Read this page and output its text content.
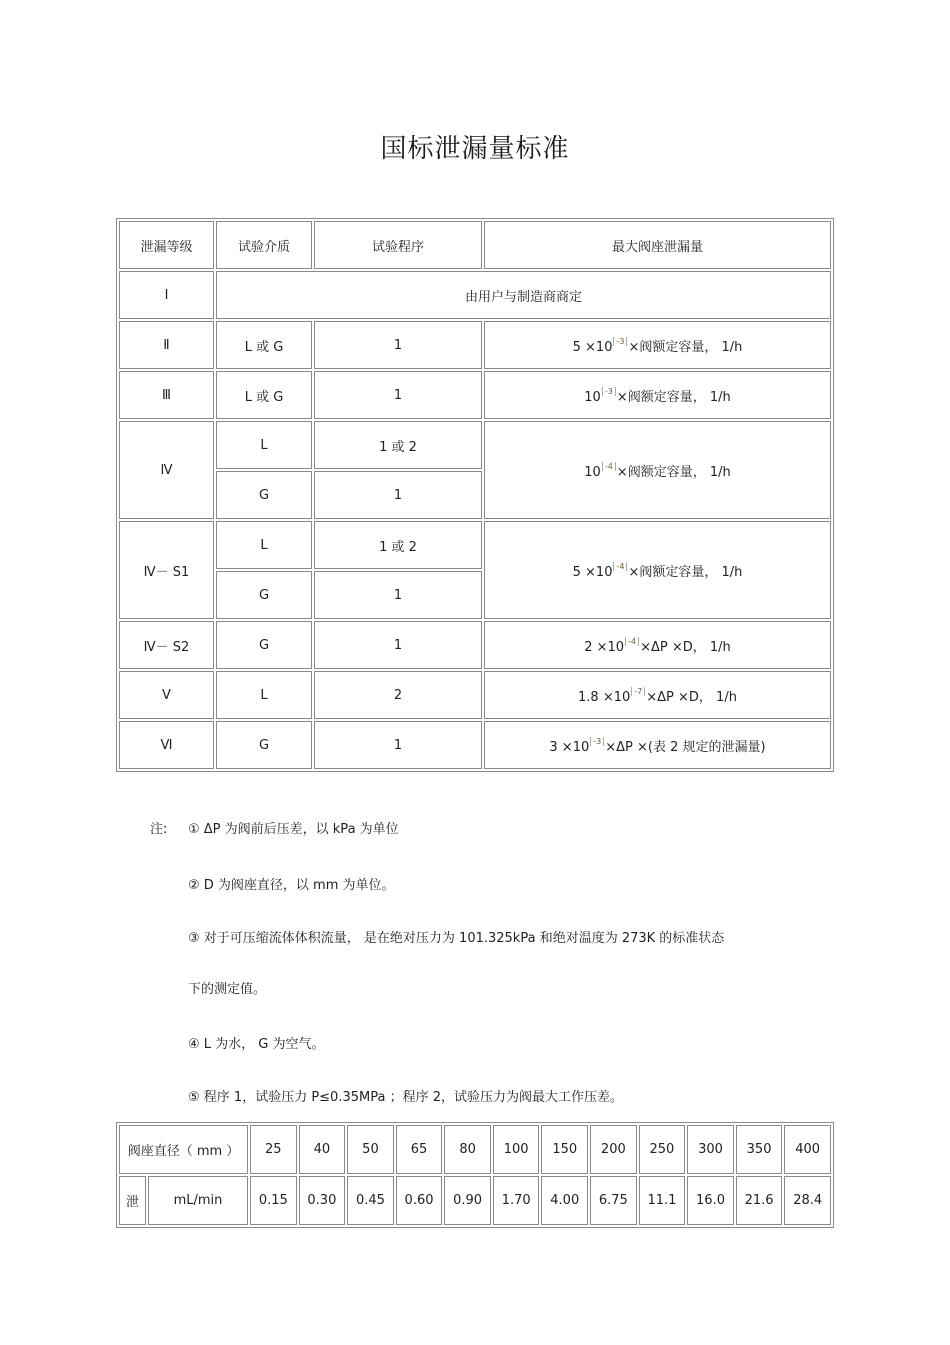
国标泄漏量标准
泄漏等级	试验介质	试验程序	最大阀座泄漏量
Ⅰ	由用户与制造商商定		
Ⅱ	L 或 G	1	5 ×10 $^{-3}$ ×阀额定容量， 1/h
Ⅲ	L 或 G	1	10 $^{-3}$ ×阀额定容量， 1/h
Ⅳ	L	1 或 2	10 $^{-4}$ ×阀额定容量， 1/h
	G	1	
Ⅳ－ S1	L	1 或 2	5 ×10 $^{-4}$ ×阀额定容量， 1/h
	G	1	
Ⅳ－ S2	G	1	2 ×10 $^{-4}$ ×ΔP ×D， 1/h
Ⅴ	L	2	1.8 ×10 $^{-7}$ ×ΔP ×D， 1/h
Ⅵ	G	1	3 ×10 $^{-3}$ ×ΔP ×(表 2 规定的泄漏量)
注: ① ΔP 为阀前后压差，以 kPa 为单位
② D 为阀座直径，以 mm 为单位。
③ 对于可压缩流体体积流量， 是在绝对压力为 101.325kPa 和绝对温度为 273K 的标准状态
下的测定值。
④ L 为水， G 为空气。
⑤ 程序 1，试验压力 P≤0.35MPa ；程序 2，试验压力为阀最大工作压差。
阀座直径（ mm ）		25	40	50	65	80	100	150	200	250	300	350	400
泄	mL/min	0.15	0.30	0.45	0.60	0.90	1.70	4.00	6.75	11.1	16.0	21.6	28.4
